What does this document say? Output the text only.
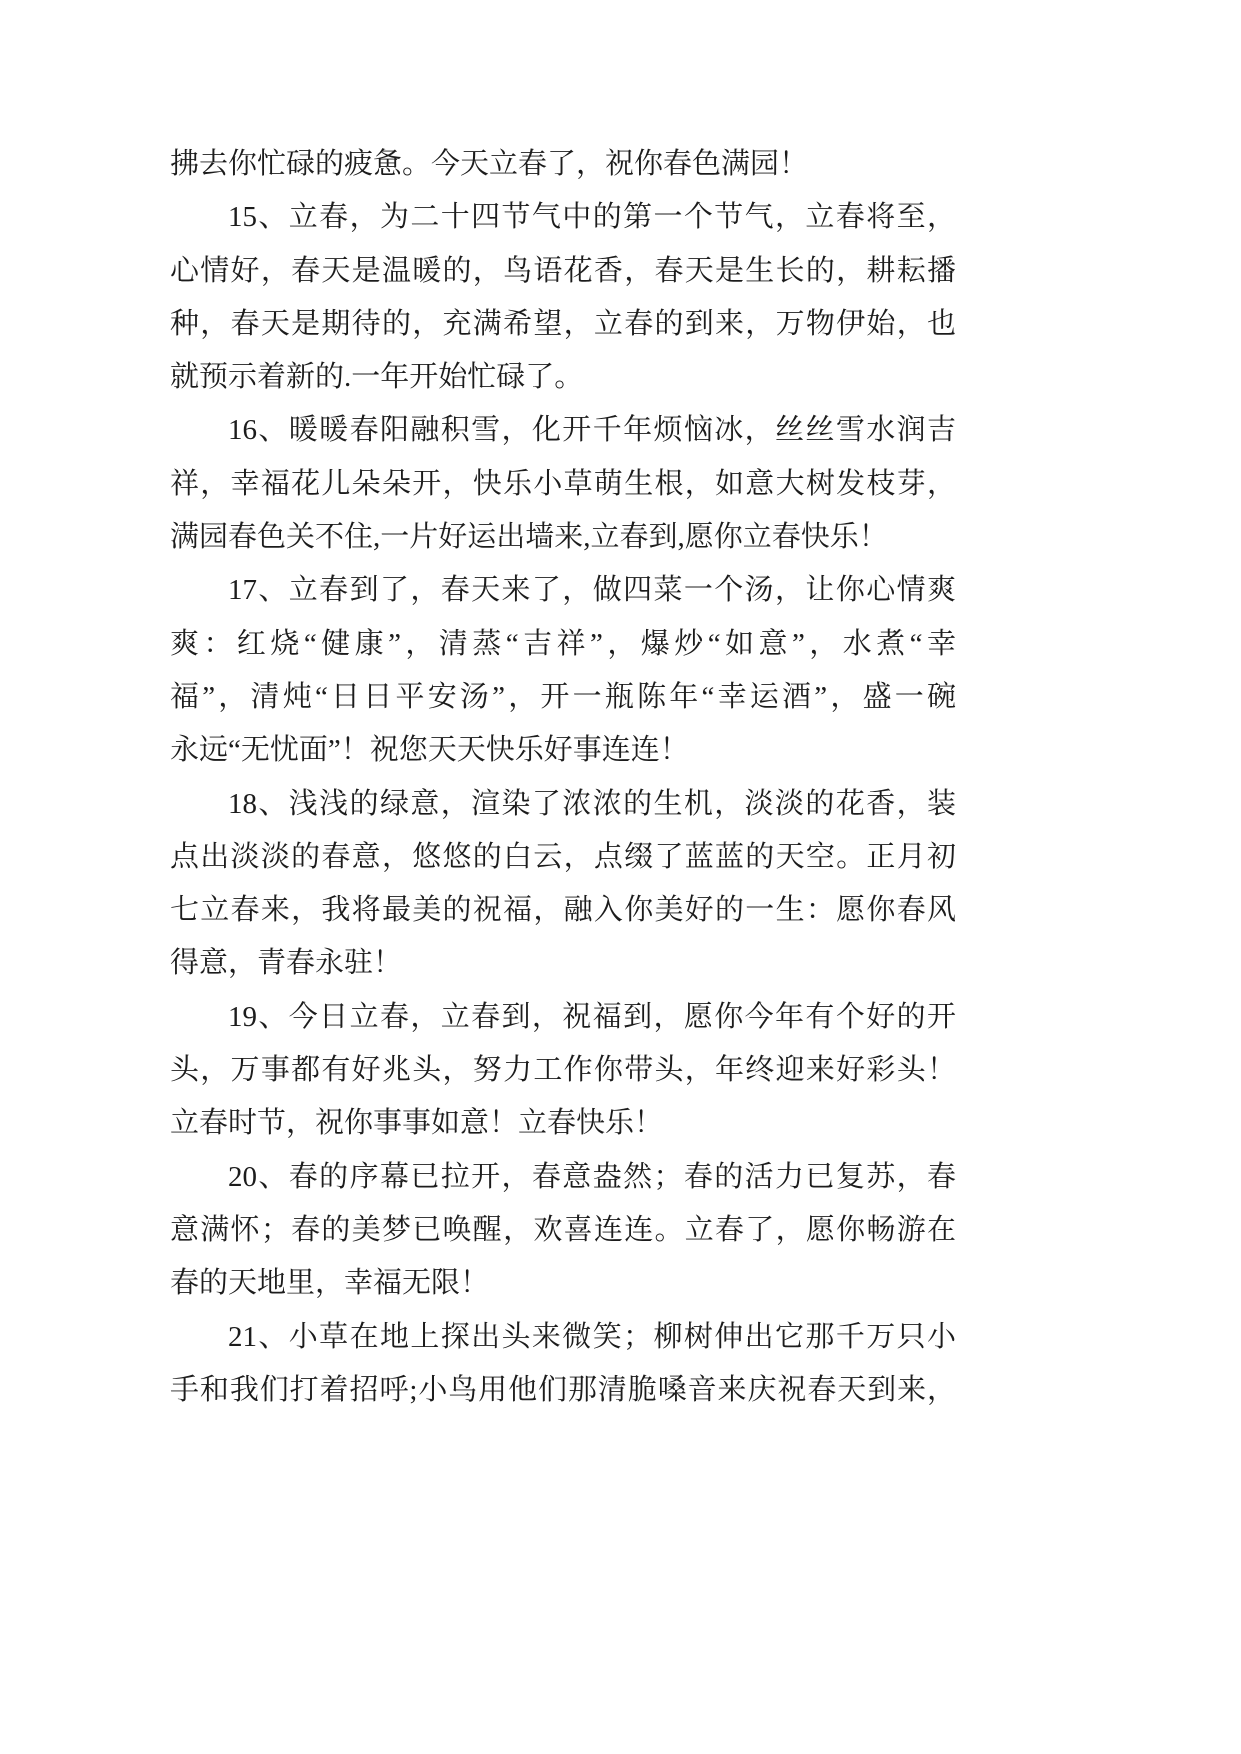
拂去你忙碌的疲惫。今天立春了，祝你春色满园！
15、立春，为二十四节气中的第一个节气，立春将至，
心情好，春天是温暖的，鸟语花香，春天是生长的，耕耘播
种，春天是期待的，充满希望，立春的到来，万物伊始，也
就预示着新的.一年开始忙碌了。
16、暖暖春阳融积雪，化开千年烦恼冰，丝丝雪水润吉
祥，幸福花儿朵朵开，快乐小草萌生根，如意大树发枝芽，
满园春色关不住,一片好运出墙来,立春到,愿你立春快乐！
17、立春到了，春天来了，做四菜一个汤，让你心情爽
爽：红烧“健康”，清蒸“吉祥”，爆炒“如意”，水煮“幸
福”，清炖“日日平安汤”，开一瓶陈年“幸运酒”，盛一碗
永远“无忧面”！祝您天天快乐好事连连！
18、浅浅的绿意，渲染了浓浓的生机，淡淡的花香，装
点出淡淡的春意，悠悠的白云，点缀了蓝蓝的天空。正月初
七立春来，我将最美的祝福，融入你美好的一生：愿你春风
得意，青春永驻！
19、今日立春，立春到，祝福到，愿你今年有个好的开
头，万事都有好兆头，努力工作你带头，年终迎来好彩头！
立春时节，祝你事事如意！立春快乐！
20、春的序幕已拉开，春意盎然；春的活力已复苏，春
意满怀；春的美梦已唤醒，欢喜连连。立春了，愿你畅游在
春的天地里，幸福无限！
21、小草在地上探出头来微笑；柳树伸出它那千万只小
手和我们打着招呼;小鸟用他们那清脆嗓音来庆祝春天到来，
